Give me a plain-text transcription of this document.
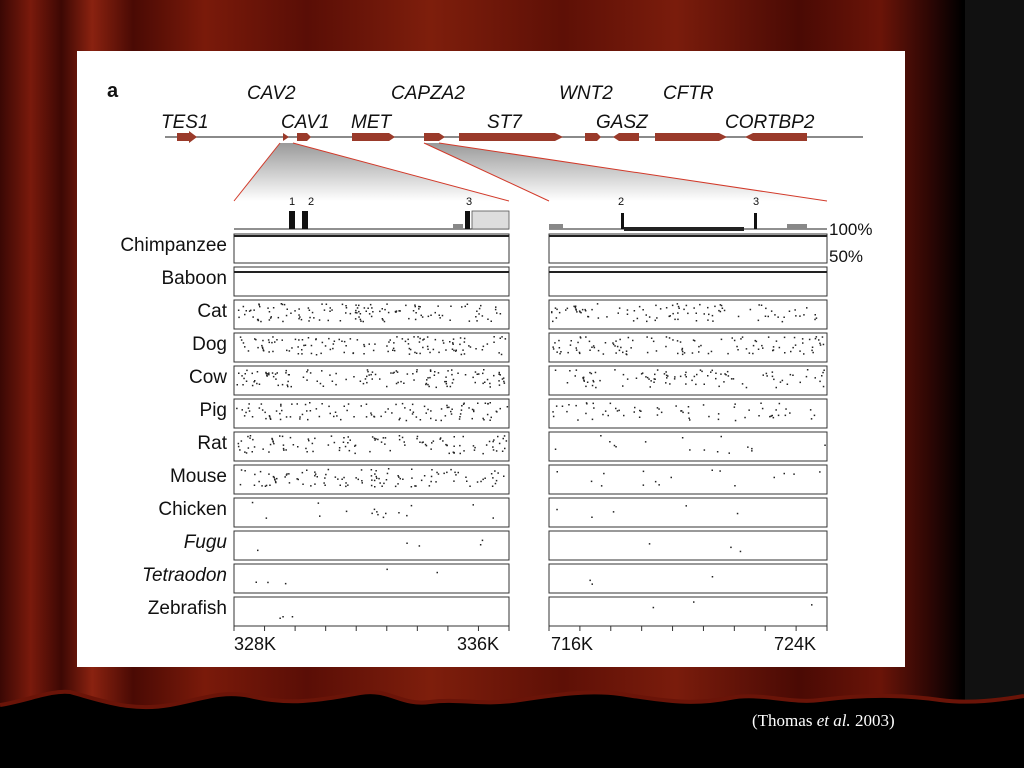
a	CAV2	CAPZA2	WNT2	CFTR
TES1	CAV1 MET	ST7	GASZ	CORTBP2
1 2	3	2	3
100%
50%
Chimpanzee
Baboon
Cat
Dog
Cow
Pig
Rat
Mouse
Chicken
Fugu
Tetraodon
Zebrafish
328K	336K	716K	724K
(Thomas et al. 2003)
